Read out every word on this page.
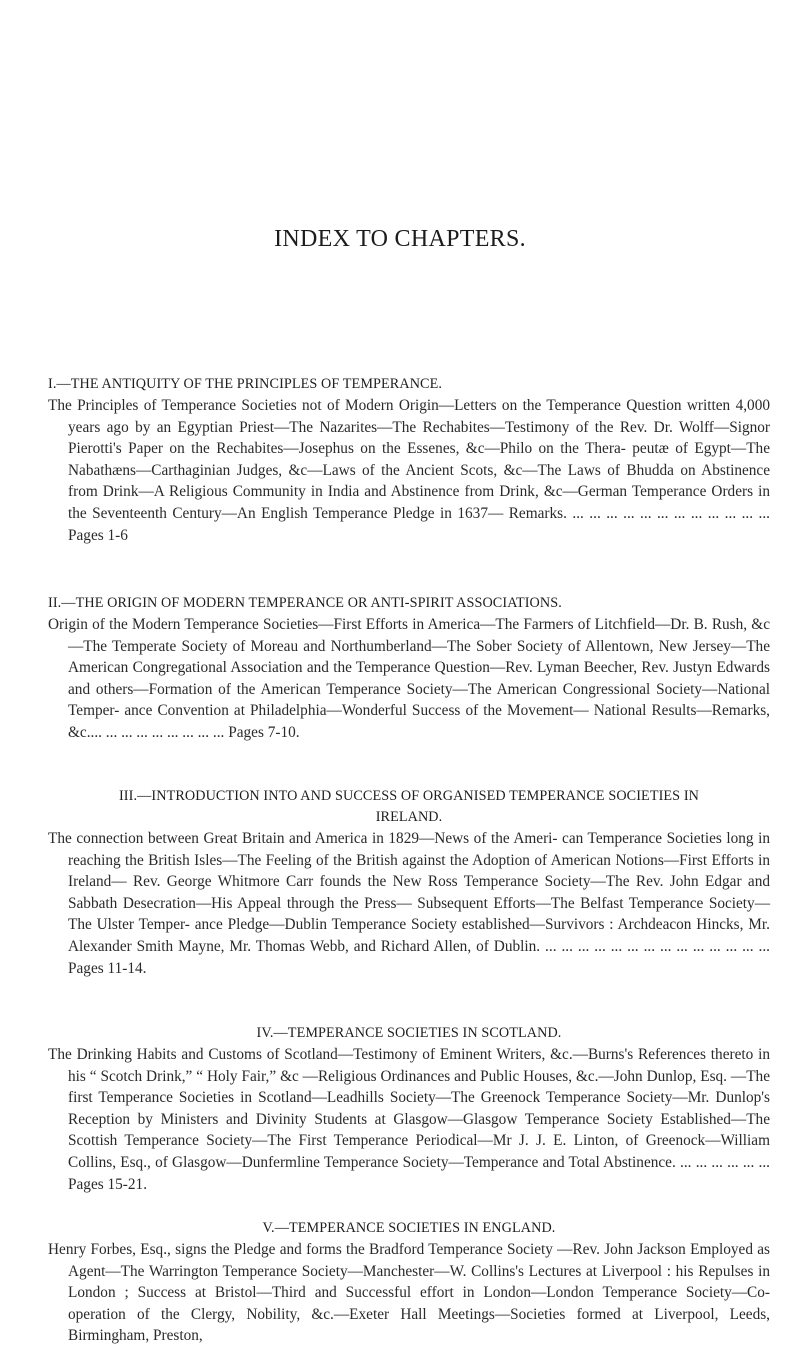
INDEX TO CHAPTERS.
I.—THE ANTIQUITY OF THE PRINCIPLES OF TEMPERANCE.
The Principles of Temperance Societies not of Modern Origin—Letters on the Temperance Question written 4,000 years ago by an Egyptian Priest—The Nazarites—The Rechabites—Testimony of the Rev. Dr. Wolff—Signor Pierotti's Paper on the Rechabites—Josephus on the Essenes, &c—Philo on the Thera- peutæ of Egypt—The Nabathæns—Carthaginian Judges, &c—Laws of the Ancient Scots, &c—The Laws of Bhudda on Abstinence from Drink—A Religious Community in India and Abstinence from Drink, &c—German Temperance Orders in the Seventeenth Century—An English Temperance Pledge in 1637— Remarks. ... ... ... ... ... ... ... ... ... ... ... ... Pages 1-6
II.—THE ORIGIN OF MODERN TEMPERANCE OR ANTI-SPIRIT ASSOCIATIONS.
Origin of the Modern Temperance Societies—First Efforts in America—The Farmers of Litchfield—Dr. B. Rush, &c—The Temperate Society of Moreau and Northumberland—The Sober Society of Allentown, New Jersey—The American Congregational Association and the Temperance Question—Rev. Lyman Beecher, Rev. Justyn Edwards and others—Formation of the American Temperance Society—The American Congressional Society—National Temper- ance Convention at Philadelphia—Wonderful Success of the Movement— National Results—Remarks, &c.... ... ... ... ... ... ... ... ... Pages 7-10.
III.—INTRODUCTION INTO AND SUCCESS OF ORGANISED TEMPERANCE SOCIETIES IN IRELAND.
The connection between Great Britain and America in 1829—News of the Ameri- can Temperance Societies long in reaching the British Isles—The Feeling of the British against the Adoption of American Notions—First Efforts in Ireland— Rev. George Whitmore Carr founds the New Ross Temperance Society—The Rev. John Edgar and Sabbath Desecration—His Appeal through the Press— Subsequent Efforts—The Belfast Temperance Society—The Ulster Temper- ance Pledge—Dublin Temperance Society established—Survivors : Archdeacon Hincks, Mr. Alexander Smith Mayne, Mr. Thomas Webb, and Richard Allen, of Dublin. ... ... ... ... ... ... ... ... ... ... ... ... ... ... Pages 11-14.
IV.—TEMPERANCE SOCIETIES IN SCOTLAND.
The Drinking Habits and Customs of Scotland—Testimony of Eminent Writers, &c.—Burns's References thereto in his “ Scotch Drink,” “ Holy Fair,” &c —Religious Ordinances and Public Houses, &c.—John Dunlop, Esq. —The first Temperance Societies in Scotland—Leadhills Society—The Greenock Temperance Society—Mr. Dunlop's Reception by Ministers and Divinity Students at Glasgow—Glasgow Temperance Society Established—The Scottish Temperance Society—The First Temperance Periodical—Mr J. J. E. Linton, of Greenock—William Collins, Esq., of Glasgow—Dunfermline Temperance Society—Temperance and Total Abstinence. ... ... ... ... ... ... Pages 15-21.
V.—TEMPERANCE SOCIETIES IN ENGLAND.
Henry Forbes, Esq., signs the Pledge and forms the Bradford Temperance Society —Rev. John Jackson Employed as Agent—The Warrington Temperance Society—Manchester—W. Collins's Lectures at Liverpool : his Repulses in London ; Success at Bristol—Third and Successful effort in London—London Temperance Society—Co-operation of the Clergy, Nobility, &c.—Exeter Hall Meetings—Societies formed at Liverpool, Leeds, Birmingham, Preston,
